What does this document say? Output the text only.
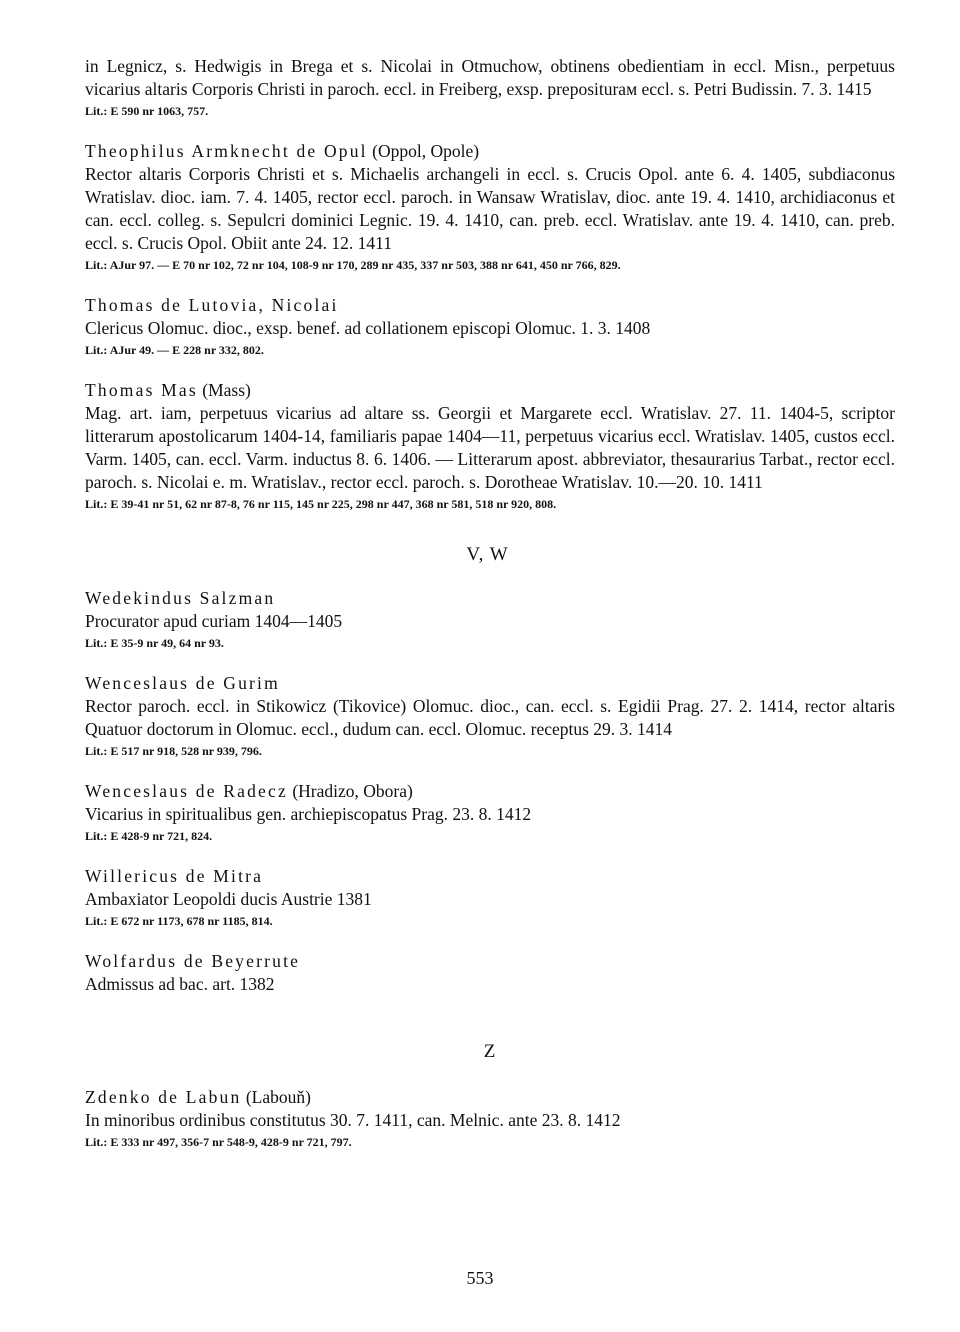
in Legnicz, s. Hedwigis in Brega et s. Nicolai in Otmuchow, obtinens obedientiam in eccl. Misn., perpetuus vicarius altaris Corporis Christi in paroch. eccl. in Freiberg, exsp. prepositurам eccl. s. Petri Budissin. 7. 3. 1415
Lit.: E 590 nr 1063, 757.
Theophilus Armknecht de Opul (Oppol, Opole)
Rector altaris Corporis Christi et s. Michaelis archangeli in eccl. s. Crucis Opol. ante 6. 4. 1405, subdiaconus Wratislav. dioc. iam. 7. 4. 1405, rector eccl. paroch. in Wansaw Wratislav, dioc. ante 19. 4. 1410, archidiaconus et can. eccl. colleg. s. Sepulcri dominici Legnic. 19. 4. 1410, can. preb. eccl. Wratislav. ante 19. 4. 1410, can. preb. eccl. s. Crucis Opol. Obiit ante 24. 12. 1411
Lit.: AJur 97. — E 70 nr 102, 72 nr 104, 108-9 nr 170, 289 nr 435, 337 nr 503, 388 nr 641, 450 nr 766, 829.
Thomas de Lutovia, Nicolai
Clericus Olomuc. dioc., exsp. benef. ad collationem episcopi Olomuc. 1. 3. 1408
Lit.: AJur 49. — E 228 nr 332, 802.
Thomas Mas (Mass)
Mag. art. iam, perpetuus vicarius ad altare ss. Georgii et Margarete eccl. Wratislav. 27. 11. 1404-5, scriptor litterarum apostolicarum 1404-14, familiaris papae 1404—11, perpetuus vicarius eccl. Wratislav. 1405, custos eccl. Varm. 1405, can. eccl. Varm. inductus 8. 6. 1406. — Litterarum apost. abbreviator, thesaurarius Tarbat., rector eccl. paroch. s. Nicolai e. m. Wratislav., rector eccl. paroch. s. Dorotheae Wratislav. 10.—20. 10. 1411
Lit.: E 39-41 nr 51, 62 nr 87-8, 76 nr 115, 145 nr 225, 298 nr 447, 368 nr 581, 518 nr 920, 808.
V, W
Wedekindus Salzman
Procurator apud curiam 1404—1405
Lit.: E 35-9 nr 49, 64 nr 93.
Wenceslaus de Gurim
Rector paroch. eccl. in Stikowicz (Tikovice) Olomuc. dioc., can. eccl. s. Egidii Prag. 27. 2. 1414, rector altaris Quatuor doctorum in Olomuc. eccl., dudum can. eccl. Olomuc. receptus 29. 3. 1414
Lit.: E 517 nr 918, 528 nr 939, 796.
Wenceslaus de Radecz (Hradizo, Obora)
Vicarius in spiritualibus gen. archiepiscopatus Prag. 23. 8. 1412
Lit.: E 428-9 nr 721, 824.
Willericus de Mitra
Ambaxiator Leopoldi ducis Austrie 1381
Lit.: E 672 nr 1173, 678 nr 1185, 814.
Wolfardus de Beyerrute
Admissus ad bac. art. 1382
Z
Zdenko de Labun (Labouň)
In minoribus ordinibus constitutus 30. 7. 1411, can. Melnic. ante 23. 8. 1412
Lit.: E 333 nr 497, 356-7 nr 548-9, 428-9 nr 721, 797.
553
